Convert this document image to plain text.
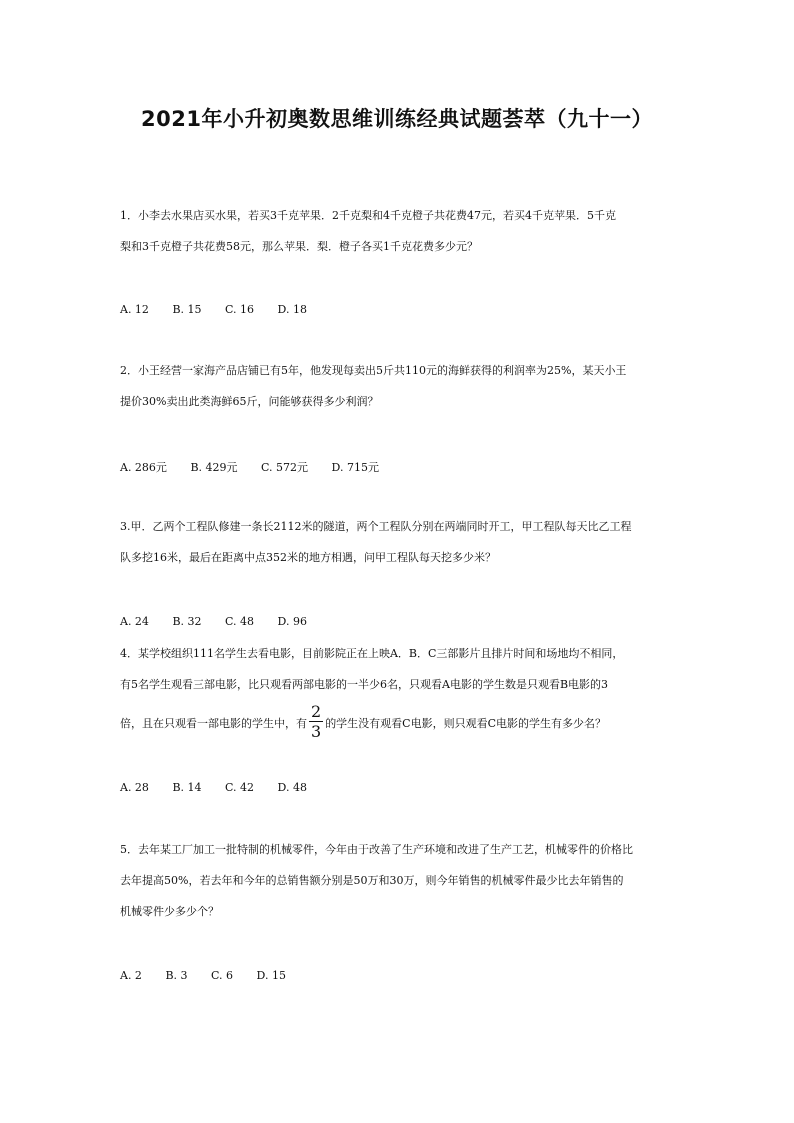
2021年小升初奥数思维训练经典试题荟萃（九十一）
1．小李去水果店买水果，若买3千克苹果．2千克梨和4千克橙子共花费47元，若买4千克苹果．5千克
梨和3千克橙子共花费58元，那么苹果．梨．橙子各买1千克花费多少元？
A. 12 B. 15 C. 16 D. 18
2．小王经营一家海产品店铺已有5年，他发现每卖出5斤共110元的海鲜获得的利润率为25%，某天小王
提价30%卖出此类海鲜65斤，问能够获得多少利润？
A. 286元 B. 429元 C. 572元 D. 715元
3.甲．乙两个工程队修建一条长2112米的隧道，两个工程队分别在两端同时开工，甲工程队每天比乙工程
队多挖16米，最后在距离中点352米的地方相遇，问甲工程队每天挖多少米？
A. 24 B. 32 C. 48 D. 96
4．某学校组织111名学生去看电影，目前影院正在上映A．B．C三部影片且排片时间和场地均不相同，
有5名学生观看三部电影，比只观看两部电影的一半少6名，只观看A电影的学生数是只观看B电影的3
倍，且在只观看一部电影的学生中，有 $\frac{2}{3}$ 的学生没有观看C电影，则只观看C电影的学生有多少名？
A. 28 B. 14 C. 42 D. 48
5．去年某工厂加工一批特制的机械零件，今年由于改善了生产环境和改进了生产工艺，机械零件的价格比
去年提高50%，若去年和今年的总销售额分别是50万和30万，则今年销售的机械零件最少比去年销售的
机械零件少多少个？
A. 2 B. 3 C. 6 D. 15
